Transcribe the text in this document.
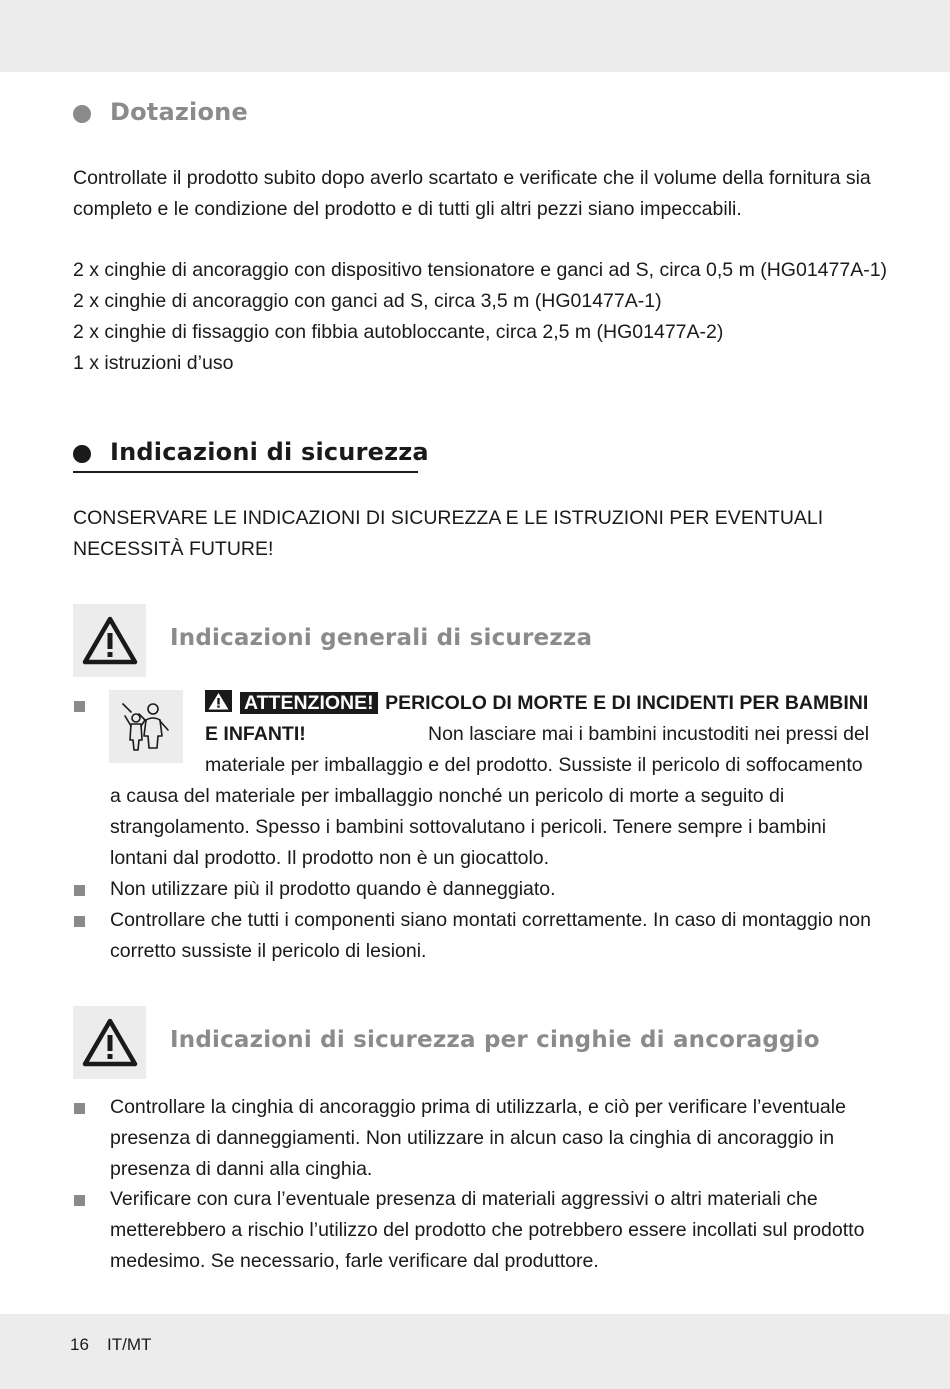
Dotazione
Controllate il prodotto subito dopo averlo scartato e verificate che il volume della fornitura sia completo e le condizione del prodotto e di tutti gli altri pezzi siano impeccabili.
2 x cinghie di ancoraggio con dispositivo tensionatore e ganci ad S, circa 0,5 m (HG01477A-1)
2 x cinghie di ancoraggio con ganci ad S, circa 3,5 m (HG01477A-1)
2 x cinghie di fissaggio con fibbia autobloccante, circa 2,5 m (HG01477A-2)
1 x istruzioni d’uso
Indicazioni di sicurezza
CONSERVARE LE INDICAZIONI DI SICUREZZA E LE ISTRUZIONI PER EVENTUALI NECESSITÀ FUTURE!
Indicazioni generali di sicurezza
ATTENZIONE! PERICOLO DI MORTE E DI INCIDENTI PER BAMBINI E INFANTI!	Non lasciare mai i bambini incustoditi nei pressi del
materiale per imballaggio e del prodotto. Sussiste il pericolo di soffocamento
a causa del materiale per imballaggio nonché un pericolo di morte a seguito di
strangolamento. Spesso i bambini sottovalutano i pericoli. Tenere sempre i bambini
lontani dal prodotto. Il prodotto non è un giocattolo.
Non utilizzare più il prodotto quando è danneggiato.
Controllare che tutti i componenti siano montati correttamente. In caso di montaggio non corretto sussiste il pericolo di lesioni.
Indicazioni di sicurezza per cinghie di ancoraggio
Controllare la cinghia di ancoraggio prima di utilizzarla, e ciò per verificare l’eventuale presenza di danneggiamenti. Non utilizzare in alcun caso la cinghia di ancoraggio in presenza di danni alla cinghia.
Verificare con cura l’eventuale presenza di materiali aggressivi o altri materiali che metterebbero a rischio l’utilizzo del prodotto che potrebbero essere incollati sul prodotto medesimo. Se necessario, farle verificare dal produttore.
16 IT/MT
